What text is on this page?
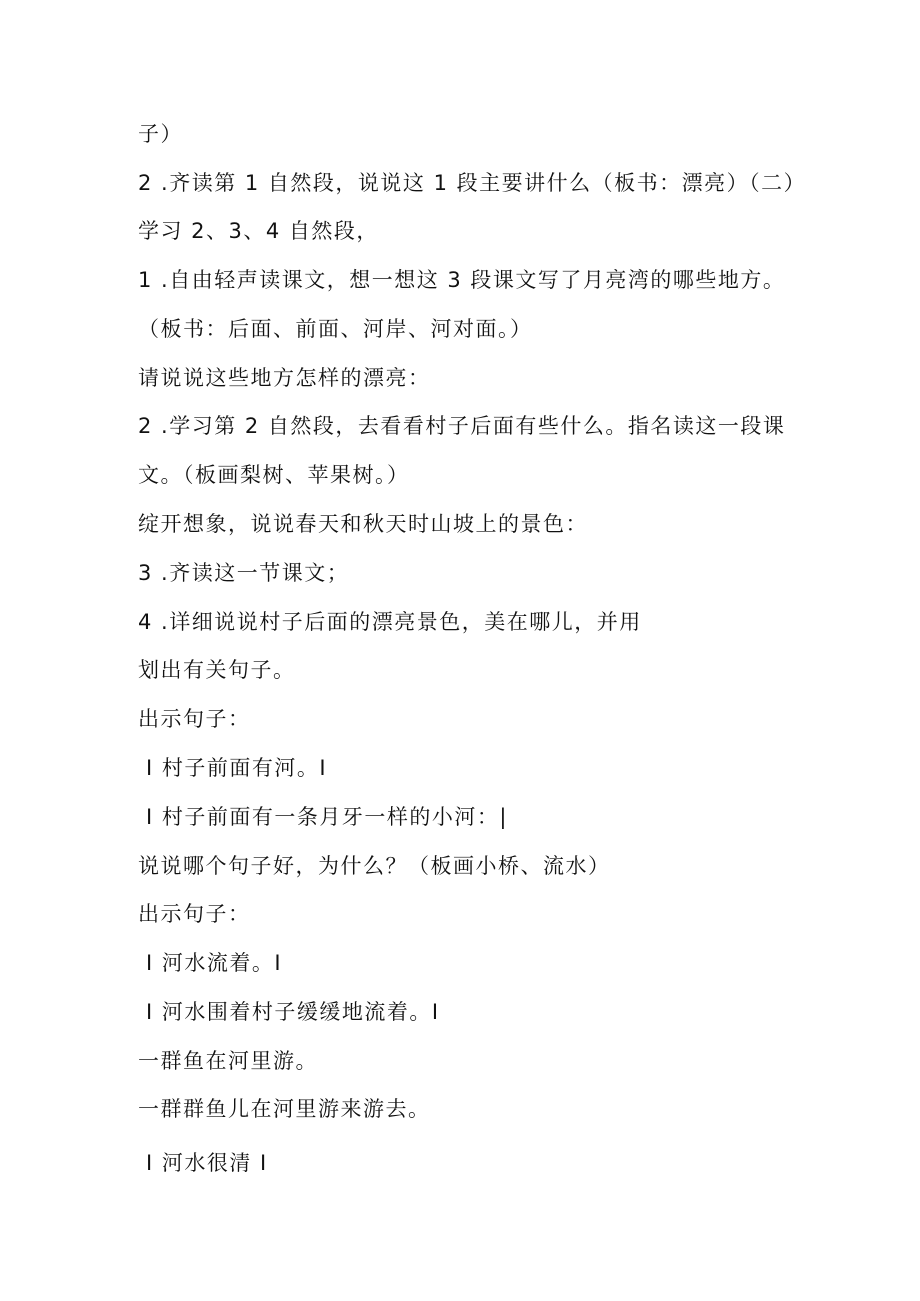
子）
2 .齐读第 1 自然段，说说这 1 段主要讲什么（板书：漂亮）（二）
学习 2、3、4 自然段，
1 .自由轻声读课文，想一想这 3 段课文写了月亮湾的哪些地方。
（板书：后面、前面、河岸、河对面。）
请说说这些地方怎样的漂亮：
2 .学习第 2 自然段，去看看村子后面有些什么。指名读这一段课
文。（板画梨树、苹果树。）
绽开想象，说说春天和秋天时山坡上的景色：
3 .齐读这一节课文；
4 .详细说说村子后面的漂亮景色，美在哪儿，并用
划出有关句子。
出示句子：
I 村子前面有河。I
I 村子前面有一条月牙一样的小河：|
说说哪个句子好，为什么？（板画小桥、流水）
出示句子：
I 河水流着。I
I 河水围着村子缓缓地流着。I
一群鱼在河里游。
一群群鱼儿在河里游来游去。
I 河水很清 I
